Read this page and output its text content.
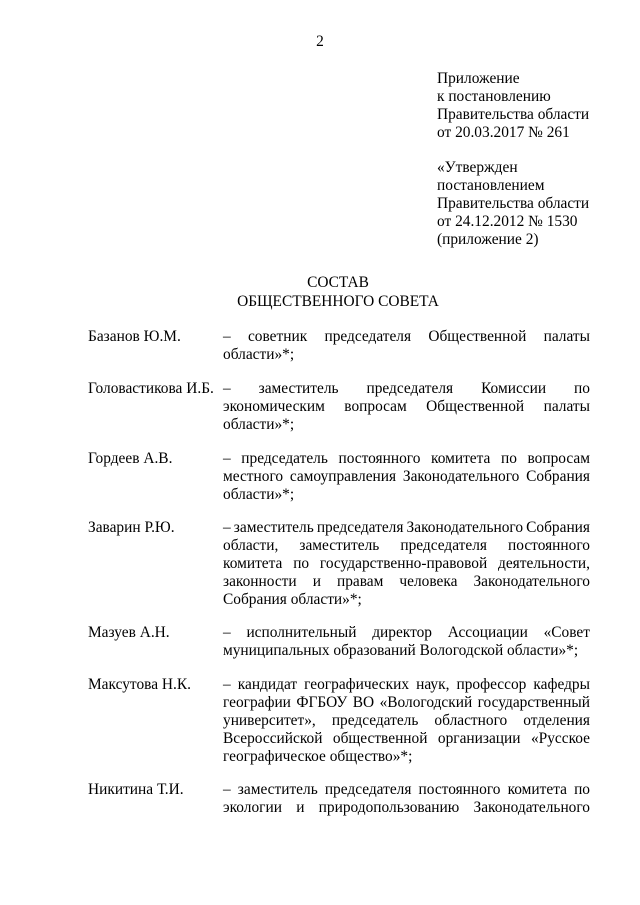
2
Приложение
к постановлению
Правительства области
от 20.03.2017 № 261
«Утвержден
постановлением
Правительства области
от 24.12.2012 № 1530
(приложение 2)
СОСТАВ
ОБЩЕСТВЕННОГО СОВЕТА
Базанов Ю.М.	– советник председателя Общественной палаты
области»*;
Головастикова И.Б. – заместитель председателя Комиссии по
экономическим вопросам Общественной палаты
области»*;
Гордеев А.В.	– председатель постоянного комитета по вопросам
местного самоуправления Законодательного Собрания
области»*;
Заварин Р.Ю.	– заместитель председателя Законодательного Собрания
области, заместитель председателя постоянного
комитета по государственно-правовой деятельности,
законности и правам человека Законодательного
Собрания области»*;
Мазуев А.Н.	– исполнительный директор Ассоциации «Совет
муниципальных образований Вологодской области»*;
Максутова Н.К. – кандидат географических наук, профессор кафедры
географии ФГБОУ ВО «Вологодский государственный
университет», председатель областного отделения
Всероссийской общественной организации «Русское
географическое общество»*;
Никитина Т.И.	– заместитель председателя постоянного комитета по
экологии и природопользованию Законодательного
